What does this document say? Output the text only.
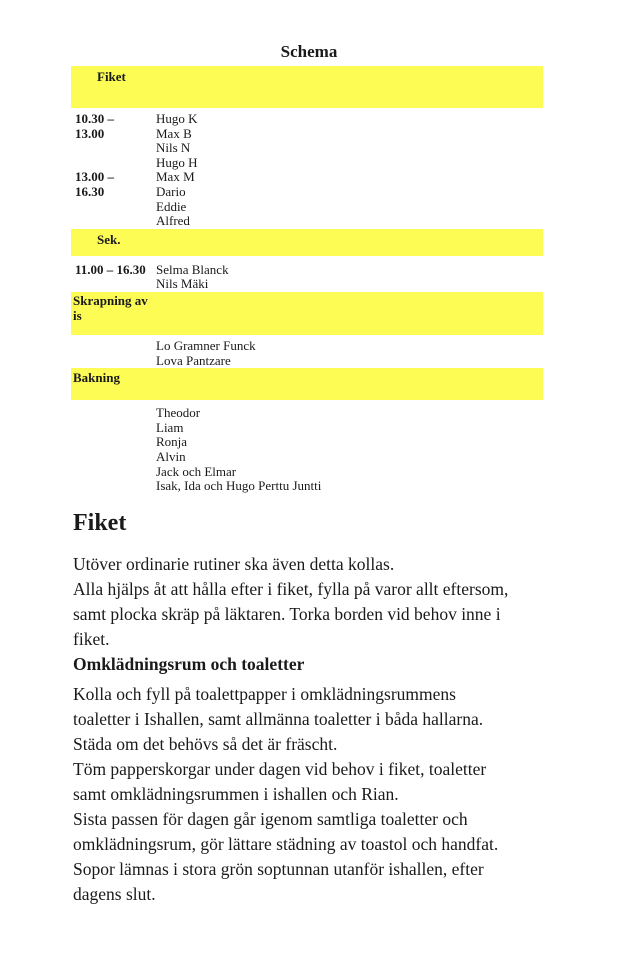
Schema
Fiket
10.30 –
13.00
Hugo K
Max B
Nils N
Hugo H
13.00 –
16.30
Max M
Dario
Eddie
Alfred
Sek.
11.00 – 16.30 Selma Blanck
Nils Mäki
Skrapning av
is
Lo Gramner Funck
Lova Pantzare
Bakning
Theodor
Liam
Ronja
Alvin
Jack och Elmar
Isak, Ida och Hugo Perttu Juntti
Fiket
Utöver ordinarie rutiner ska även detta kollas.
Alla hjälps åt att hålla efter i fiket, fylla på varor allt eftersom,
samt plocka skräp på läktaren. Torka borden vid behov inne i
fiket.
Omklädningsrum och toaletter
Kolla och fyll på toalettpapper i omklädningsrummens
toaletter i Ishallen, samt allmänna toaletter i båda hallarna.
Städa om det behövs så det är fräscht.
Töm papperskorgar under dagen vid behov i fiket, toaletter
samt omklädningsrummen i ishallen och Rian.
Sista passen för dagen går igenom samtliga toaletter och
omklädningsrum, gör lättare städning av toastol och handfat.
Sopor lämnas i stora grön soptunnan utanför ishallen, efter
dagens slut.
